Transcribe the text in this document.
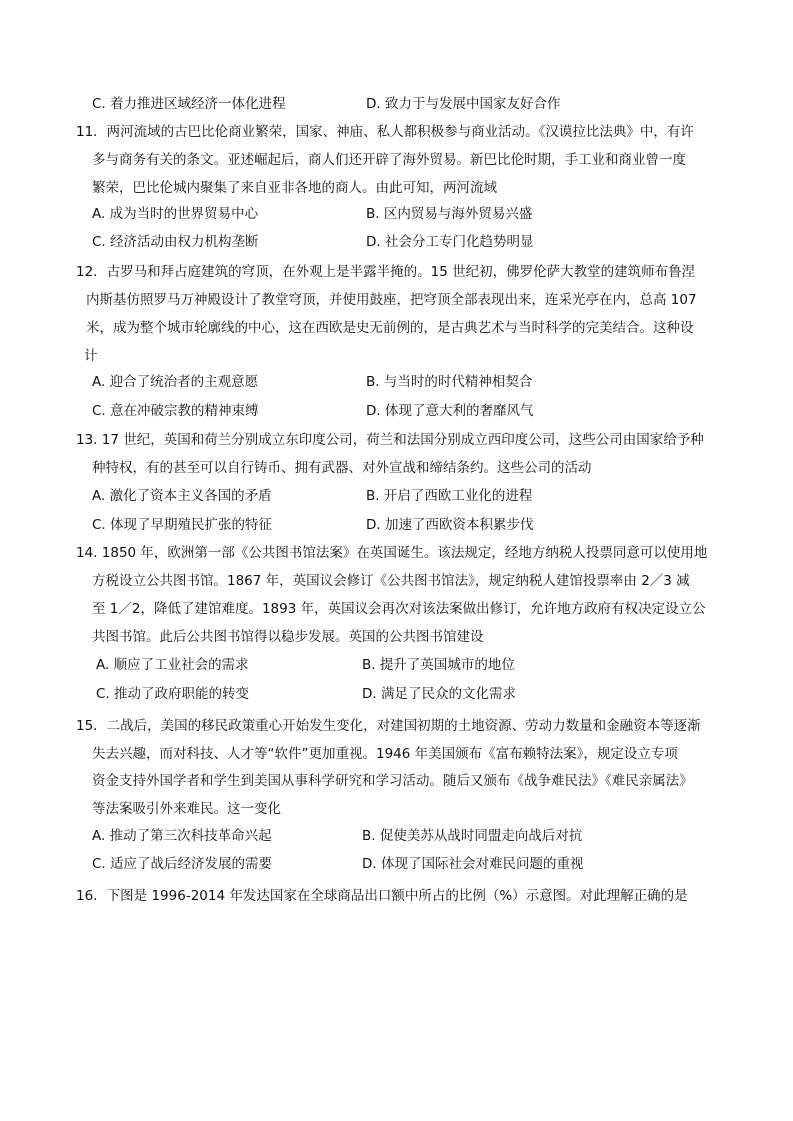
C. 着力推进区域经济一体化进程	D. 致力于与发展中国家友好合作
11．两河流域的古巴比伦商业繁荣，国家、神庙、私人都积极参与商业活动。《汉谟拉比法典》中，有许
多与商务有关的条文。亚述崛起后，商人们还开辟了海外贸易。新巴比伦时期，手工业和商业曾一度
繁荣，巴比伦城内聚集了来自亚非各地的商人。由此可知，两河流域
A. 成为当时的世界贸易中心	B. 区内贸易与海外贸易兴盛
C. 经济活动由权力机构垄断	D. 社会分工专门化趋势明显
12．古罗马和拜占庭建筑的穹顶，在外观上是半露半掩的。15 世纪初，佛罗伦萨大教堂的建筑师布鲁涅
内斯基仿照罗马万神殿设计了教堂穹顶，并使用鼓座，把穹顶全部表现出来，连采光亭在内，总高 107
米，成为整个城市轮廓线的中心，这在西欧是史无前例的，是古典艺术与当时科学的完美结合。这种设
计
A. 迎合了统治者的主观意愿	B. 与当时的时代精神相契合
C. 意在冲破宗教的精神束缚	D. 体现了意大利的奢靡风气
13. 17 世纪，英国和荷兰分别成立东印度公司，荷兰和法国分别成立西印度公司，这些公司由国家给予种
种特权，有的甚至可以自行铸币、拥有武器、对外宣战和缔结条约。这些公司的活动
A. 激化了资本主义各国的矛盾	B. 开启了西欧工业化的进程
C. 体现了早期殖民扩张的特征	D. 加速了西欧资本积累步伐
14. 1850 年，欧洲第一部《公共图书馆法案》在英国诞生。该法规定，经地方纳税人投票同意可以使用地
方税设立公共图书馆。1867 年，英国议会修订《公共图书馆法》，规定纳税人建馆投票率由 2／3 减
至 1／2，降低了建馆难度。1893 年，英国议会再次对该法案做出修订，允许地方政府有权决定设立公
共图书馆。此后公共图书馆得以稳步发展。英国的公共图书馆建设
A. 顺应了工业社会的需求	B. 提升了英国城市的地位
C. 推动了政府职能的转变	D. 满足了民众的文化需求
15．二战后，美国的移民政策重心开始发生变化，对建国初期的土地资源、劳动力数量和金融资本等逐渐
失去兴趣，而对科技、人才等“软件”更加重视。1946 年美国颁布《富布赖特法案》，规定设立专项
资金支持外国学者和学生到美国从事科学研究和学习活动。随后又颁布《战争难民法》《难民亲属法》
等法案吸引外来难民。这一变化
A. 推动了第三次科技革命兴起	B. 促使美苏从战时同盟走向战后对抗
C. 适应了战后经济发展的需要	D. 体现了国际社会对难民问题的重视
16．下图是 1996-2014 年发达国家在全球商品出口额中所占的比例（%）示意图。对此理解正确的是
